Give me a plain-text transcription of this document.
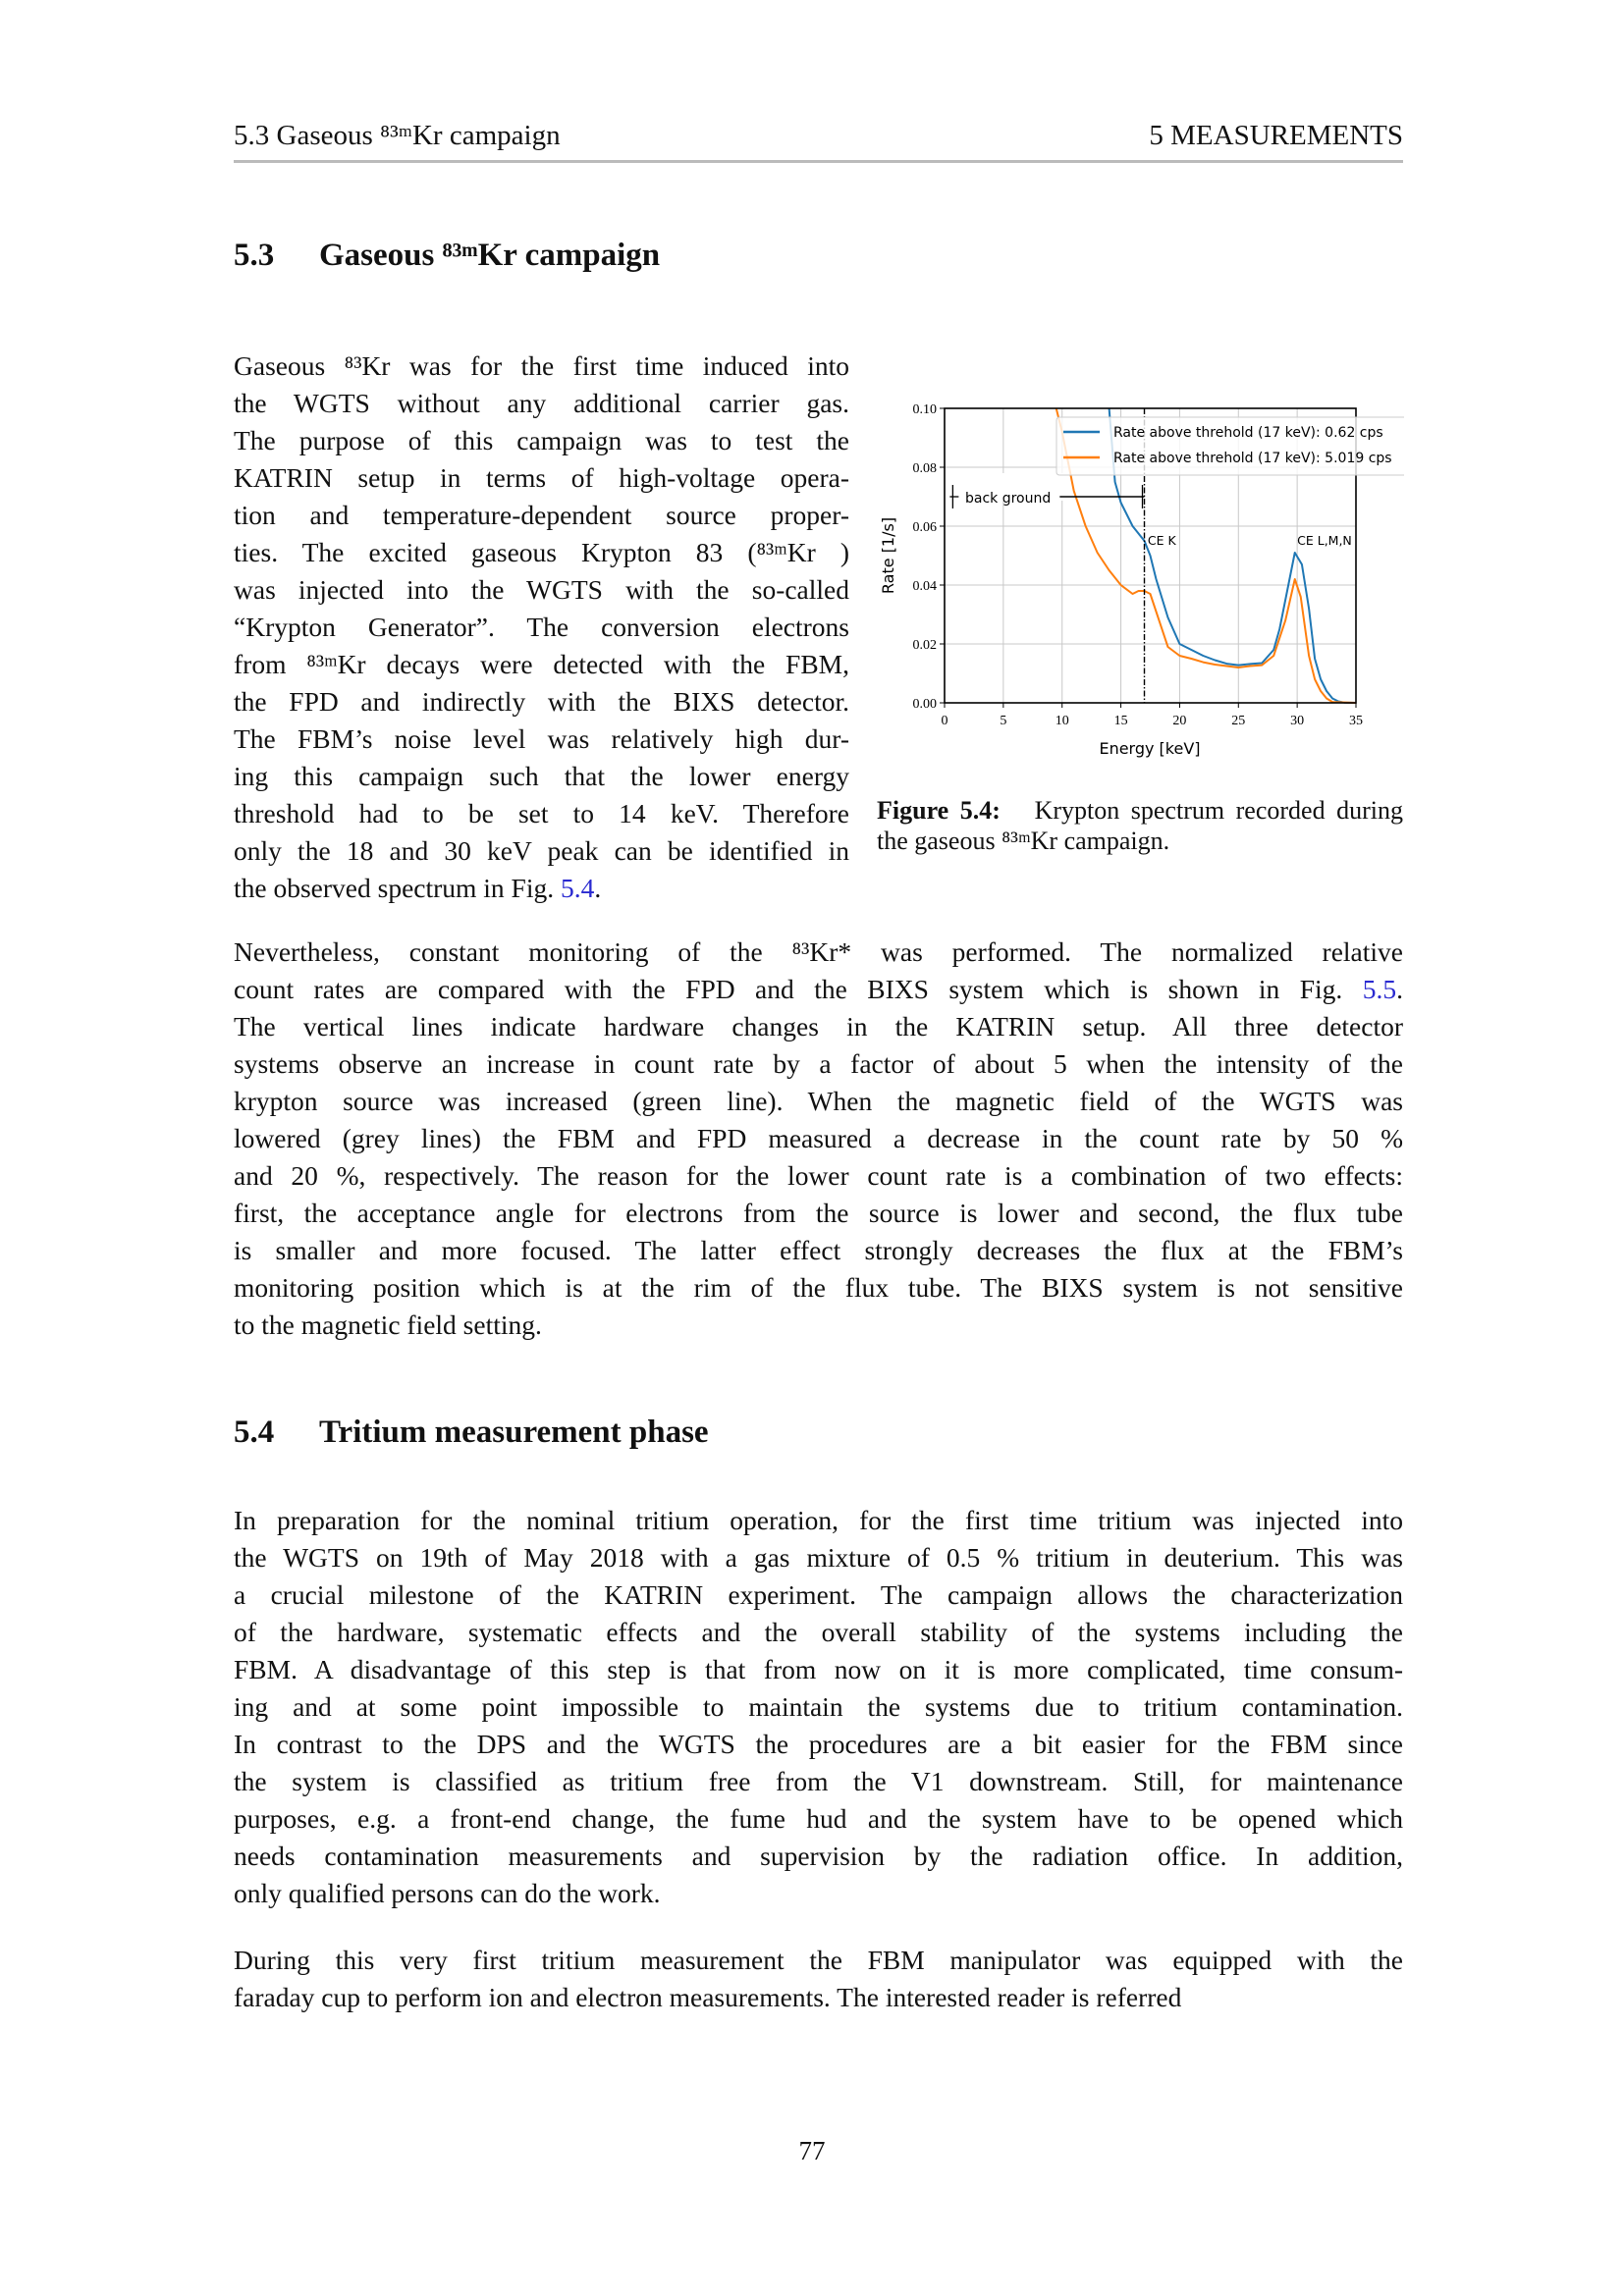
5.3 Gaseous ⁸³ᵐKr campaign	5 MEASUREMENTS
5.3 Gaseous ⁸³ᵐKr campaign
Gaseous ⁸³Kr was for the first time induced into
the WGTS without any additional carrier gas.
The purpose of this campaign was to test the
KATRIN setup in terms of high-voltage opera-
tion and temperature-dependent source proper-
ties. The excited gaseous Krypton 83 (⁸³ᵐKr )
was injected into the WGTS with the so-called
“Krypton Generator”. The conversion electrons
from ⁸³ᵐKr decays were detected with the FBM,
the FPD and indirectly with the BIXS detector.
The FBM’s noise level was relatively high dur-
ing this campaign such that the lower energy
threshold had to be set to 14 keV. Therefore
only the 18 and 30 keV peak can be identified in
the observed spectrum in Fig. 5.4.
0	5	10	15	20	25	30	35
0.00
0.02
0.04
0.06
0.08
0.10
back ground
CE K	CE L,M,N
Rate above threhold (17 keV): 0.62 cps
Rate above threhold (17 keV): 5.019 cps
Energy [keV]
Rate [1/s]
Figure 5.4: Krypton spectrum recorded during the gaseous ⁸³ᵐKr campaign.
Nevertheless, constant monitoring of the ⁸³Kr* was performed. The normalized relative
count rates are compared with the FPD and the BIXS system which is shown in Fig. 5.5.
The vertical lines indicate hardware changes in the KATRIN setup. All three detector
systems observe an increase in count rate by a factor of about 5 when the intensity of the
krypton source was increased (green line). When the magnetic field of the WGTS was
lowered (grey lines) the FBM and FPD measured a decrease in the count rate by 50 %
and 20 %, respectively. The reason for the lower count rate is a combination of two effects:
first, the acceptance angle for electrons from the source is lower and second, the flux tube
is smaller and more focused. The latter effect strongly decreases the flux at the FBM’s
monitoring position which is at the rim of the flux tube. The BIXS system is not sensitive
to the magnetic field setting.
5.4 Tritium measurement phase
In preparation for the nominal tritium operation, for the first time tritium was injected into
the WGTS on 19th of May 2018 with a gas mixture of 0.5 % tritium in deuterium. This was
a crucial milestone of the KATRIN experiment. The campaign allows the characterization
of the hardware, systematic effects and the overall stability of the systems including the
FBM. A disadvantage of this step is that from now on it is more complicated, time consum-
ing and at some point impossible to maintain the systems due to tritium contamination.
In contrast to the DPS and the WGTS the procedures are a bit easier for the FBM since
the system is classified as tritium free from the V1 downstream. Still, for maintenance
purposes, e.g. a front-end change, the fume hud and the system have to be opened which
needs contamination measurements and supervision by the radiation office. In addition,
only qualified persons can do the work.
During this very first tritium measurement the FBM manipulator was equipped with the
faraday cup to perform ion and electron measurements. The interested reader is referred
77
